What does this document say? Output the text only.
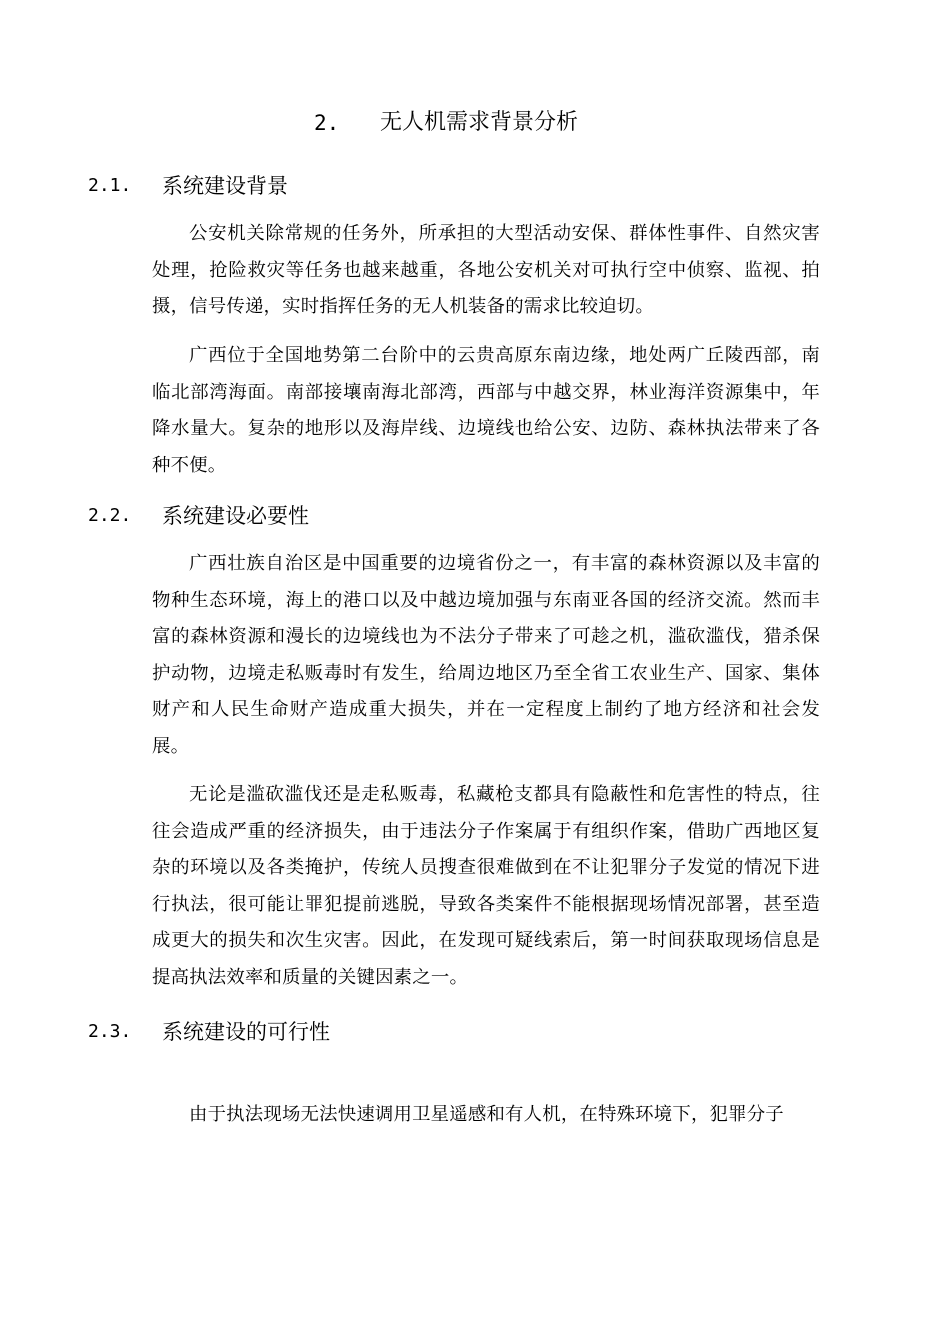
2. 无人机需求背景分析
2.1. 系统建设背景

公安机关除常规的任务外，所承担的大型活动安保、群体性事件、自然灾害处理，抢险救灾等任务也越来越重，各地公安机关对可执行空中侦察、监视、拍摄，信号传递，实时指挥任务的无人机装备的需求比较迫切。

广西位于全国地势第二台阶中的云贵高原东南边缘，地处两广丘陵西部，南临北部湾海面。南部接壤南海北部湾，西部与中越交界，林业海洋资源集中，年降水量大。复杂的地形以及海岸线、边境线也给公安、边防、森林执法带来了各种不便。

2.2. 系统建设必要性

广西壮族自治区是中国重要的边境省份之一，有丰富的森林资源以及丰富的物种生态环境，海上的港口以及中越边境加强与东南亚各国的经济交流。然而丰富的森林资源和漫长的边境线也为不法分子带来了可趁之机，滥砍滥伐，猎杀保护动物，边境走私贩毒时有发生，给周边地区乃至全省工农业生产、国家、集体财产和人民生命财产造成重大损失，并在一定程度上制约了地方经济和社会发展。

无论是滥砍滥伐还是走私贩毒，私藏枪支都具有隐蔽性和危害性的特点，往往会造成严重的经济损失，由于违法分子作案属于有组织作案，借助广西地区复杂的环境以及各类掩护，传统人员搜查很难做到在不让犯罪分子发觉的情况下进行执法，很可能让罪犯提前逃脱，导致各类案件不能根据现场情况部署，甚至造成更大的损失和次生灾害。因此，在发现可疑线索后，第一时间获取现场信息是提高执法效率和质量的关键因素之一。

2.3. 系统建设的可行性

由于执法现场无法快速调用卫星遥感和有人机，在特殊环境下，犯罪分子
